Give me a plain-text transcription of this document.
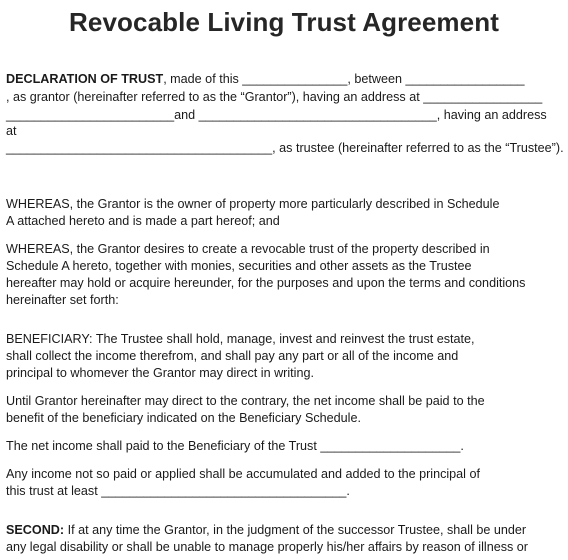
Revocable Living Trust Agreement
DECLARATION OF TRUST, made of this _______________, between _________________
, as grantor (hereinafter referred to as the “Grantor”), having an address at _________________
________________________and __________________________________, having an address
at
______________________________________, as trustee (hereinafter referred to as the “Trustee”).
WHEREAS, the Grantor is the owner of property more particularly described in Schedule
A attached hereto and is made a part hereof; and
WHEREAS, the Grantor desires to create a revocable trust of the property described in
Schedule A hereto, together with monies, securities and other assets as the Trustee
hereafter may hold or acquire hereunder, for the purposes and upon the terms and conditions
hereinafter set forth:
BENEFICIARY: The Trustee shall hold, manage, invest and reinvest the trust estate,
shall collect the income therefrom, and shall pay any part or all of the income and
principal to whomever the Grantor may direct in writing.
Until Grantor hereinafter may direct to the contrary, the net income shall be paid to the
benefit of the beneficiary indicated on the Beneficiary Schedule.
The net income shall paid to the Beneficiary of the Trust ____________________.
Any income not so paid or applied shall be accumulated and added to the principal of
this trust at least ___________________________________.
SECOND: If at any time the Grantor, in the judgment of the successor Trustee, shall be under
any legal disability or shall be unable to manage properly his/her affairs by reason of illness or
